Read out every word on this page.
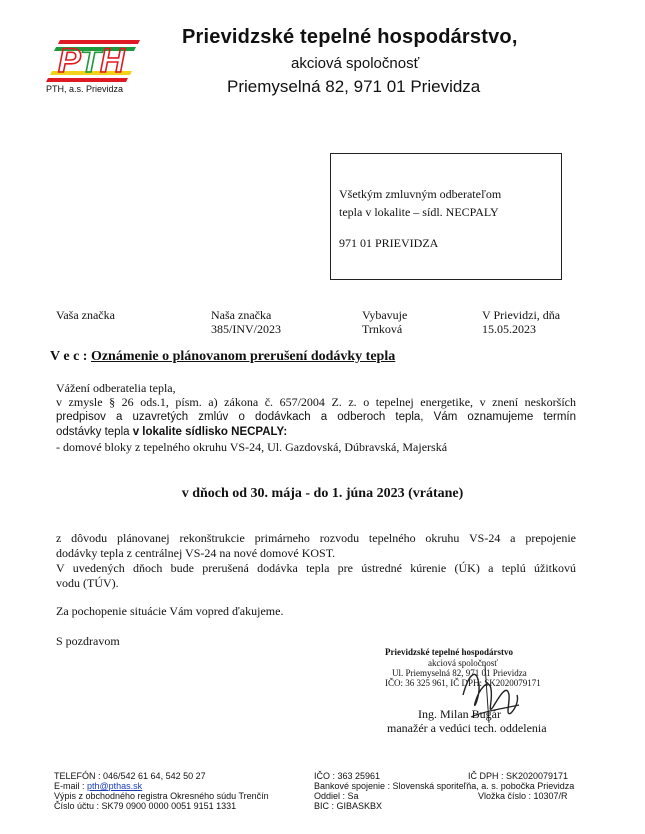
P T H
PTH, a.s. Prievidza
Prievidzské tepelné hospodárstvo,
akciová spoločnosť
Priemyselná 82, 971 01 Prievidza
Všetkým zmluvným odberateľom
tepla v lokalite – sídl. NECPALY
971 01 PRIEVIDZA
Vaša značka	Naša značka
385/INV/2023
Vybavuje
Trnková
V Prievidzi, dňa
15.05.2023
V e c : Oznámenie o plánovanom prerušení dodávky tepla
Vážení odberatelia tepla,
v zmysle § 26 ods.1, písm. a) zákona č. 657/2004 Z. z. o tepelnej energetike, v znení neskorších
predpisov a uzavretých zmlúv o dodávkach a odberoch tepla, Vám oznamujeme termín
odstávky tepla v lokalite sídlisko NECPALY:
- domové bloky z tepelného okruhu VS-24, Ul. Gazdovská, Dúbravská, Majerská
v dňoch od 30. mája - do 1. júna 2023 (vrátane)
z dôvodu plánovanej rekonštrukcie primárneho rozvodu tepelného okruhu VS-24 a prepojenie
dodávky tepla z centrálnej VS-24 na nové domové KOST.
V uvedených dňoch bude prerušená dodávka tepla pre ústredné kúrenie (ÚK) a teplú úžitkovú
vodu (TÚV).
Za pochopenie situácie Vám vopred ďakujeme.
S pozdravom
Prievidzské tepelné hospodárstvo
akciová spoločnosť
Ul. Priemyselná 82, 971 01 Prievidza
IČO: 36 325 961, IČ DPH: SK2020079171
Ing. Milan Bugár
manažér a vedúci tech. oddelenia
TELEFÓN : 046/542 61 64, 542 50 27
E-mail : pth@pthas.sk
Výpis z obchodného registra Okresného súdu Trenčín
Číslo účtu : SK79 0900 0000 0051 9151 1331
IČO : 363 25961
Bankové spojenie : Slovenská sporiteľňa, a. s. pobočka Prievidza
Oddiel : Sa
BIC : GIBASKBX
IČ DPH : SK2020079171
Vložka číslo : 10307/R
